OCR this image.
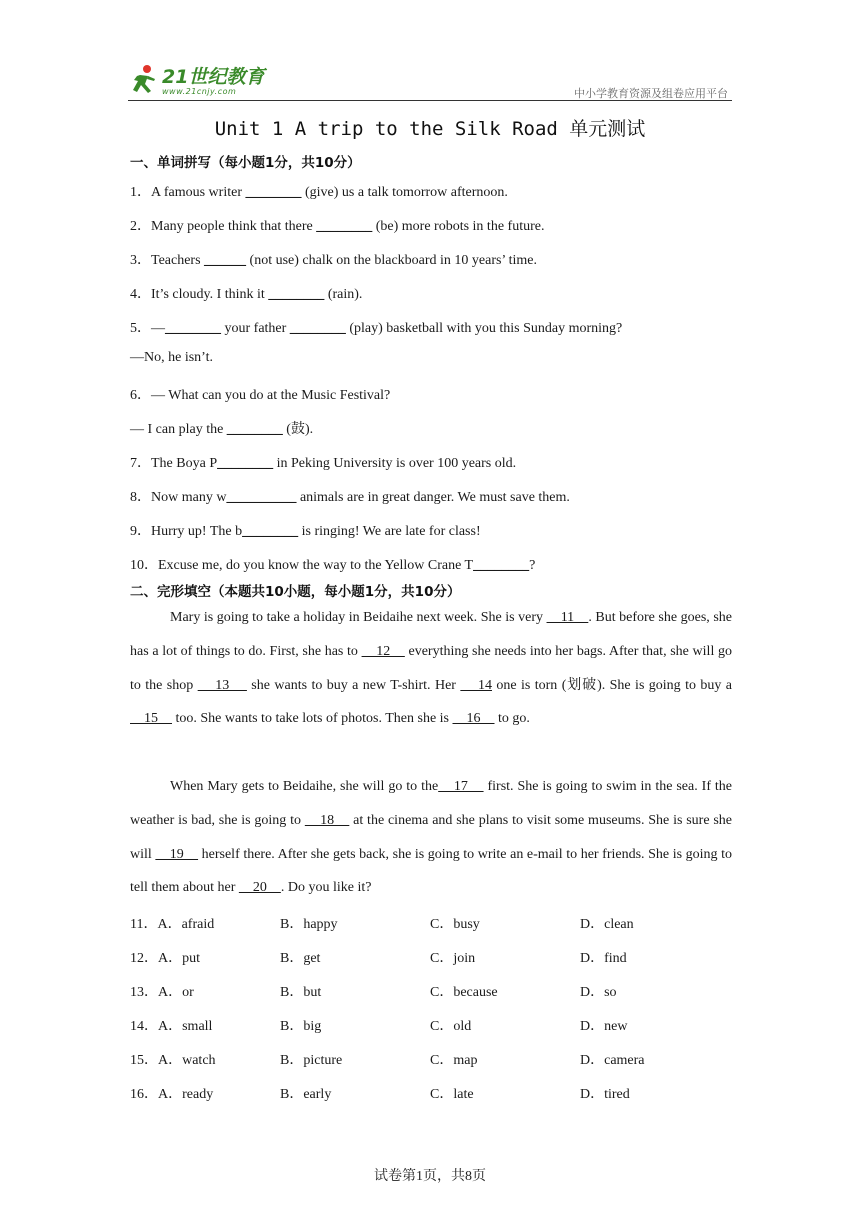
21世纪教育
www.21cnjy.com	中小学教育资源及组卷应用平台
Unit 1 A trip to the Silk Road 单元测试
一、单词拼写（每小题1分，共10分）
1．A famous writer ________ (give) us a talk tomorrow afternoon.
2．Many people think that there ________ (be) more robots in the future.
3．Teachers ______ (not use) chalk on the blackboard in 10 years’ time.
4．It’s cloudy. I think it ________ (rain).
5．—________ your father ________ (play) basketball with you this Sunday morning?
—No, he isn’t.
6．— What can you do at the Music Festival?
— I can play the ________ (鼓).
7．The Boya P________ in Peking University is over 100 years old.
8．Now many w__________ animals are in great danger. We must save them.
9．Hurry up! The b________ is ringing! We are late for class!
10．Excuse me, do you know the way to the Yellow Crane T________?
二、完形填空（本题共10小题，每小题1分，共10分）
Mary is going to take a holiday in Beidaihe next week. She is very     11    . But before she goes, she has a lot of things to do. First, she has to     12     everything she needs into her bags. After that, she will go to the shop     13     she wants to buy a new T-shirt. Her     14 one is torn (划破). She is going to buy a     15     too. She wants to take lots of photos. Then she is     16     to go.
When Mary gets to Beidaihe, she will go to the    17     first. She is going to swim in the sea. If the weather is bad, she is going to     18     at the cinema and she plans to visit some museums. She is sure she will     19     herself there. After she gets back, she is going to write an e-mail to her friends. She is going to tell them about her     20    . Do you like it?
11．A．afraid	B．happy	C．busy	D．clean
12．A．put	B．get	C．join	D．find
13．A．or	B．but	C．because	D．so
14．A．small	B．big	C．old	D．new
15．A．watch	B．picture	C．map	D．camera
16．A．ready	B．early	C．late	D．tired
试卷第1页，共8页
